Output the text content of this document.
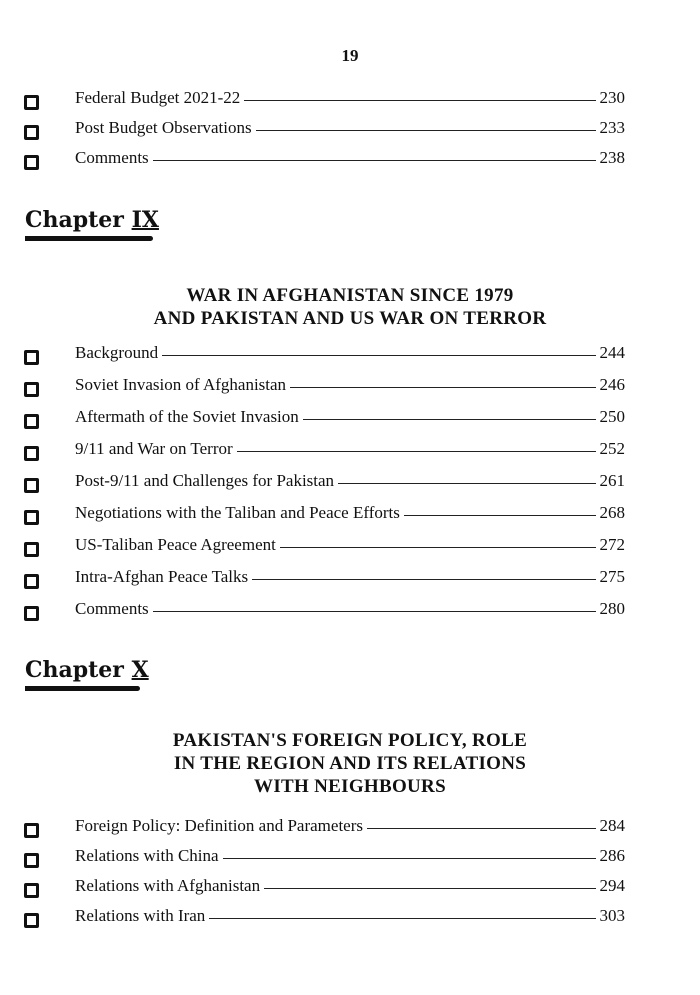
19
Federal Budget 2021-22	230
Post Budget Observations	233
Comments	238
Chapter IX
WAR IN AFGHANISTAN SINCE 1979
AND PAKISTAN AND US WAR ON TERROR
Background	244
Soviet Invasion of Afghanistan	246
Aftermath of the Soviet Invasion	250
9/11 and War on Terror	252
Post-9/11 and Challenges for Pakistan	261
Negotiations with the Taliban and Peace Efforts	268
US-Taliban Peace Agreement	272
Intra-Afghan Peace Talks	275
Comments	280
Chapter X
PAKISTAN'S FOREIGN POLICY, ROLE
IN THE REGION AND ITS RELATIONS
WITH NEIGHBOURS
Foreign Policy: Definition and Parameters	284
Relations with China	286
Relations with Afghanistan	294
Relations with Iran	303
